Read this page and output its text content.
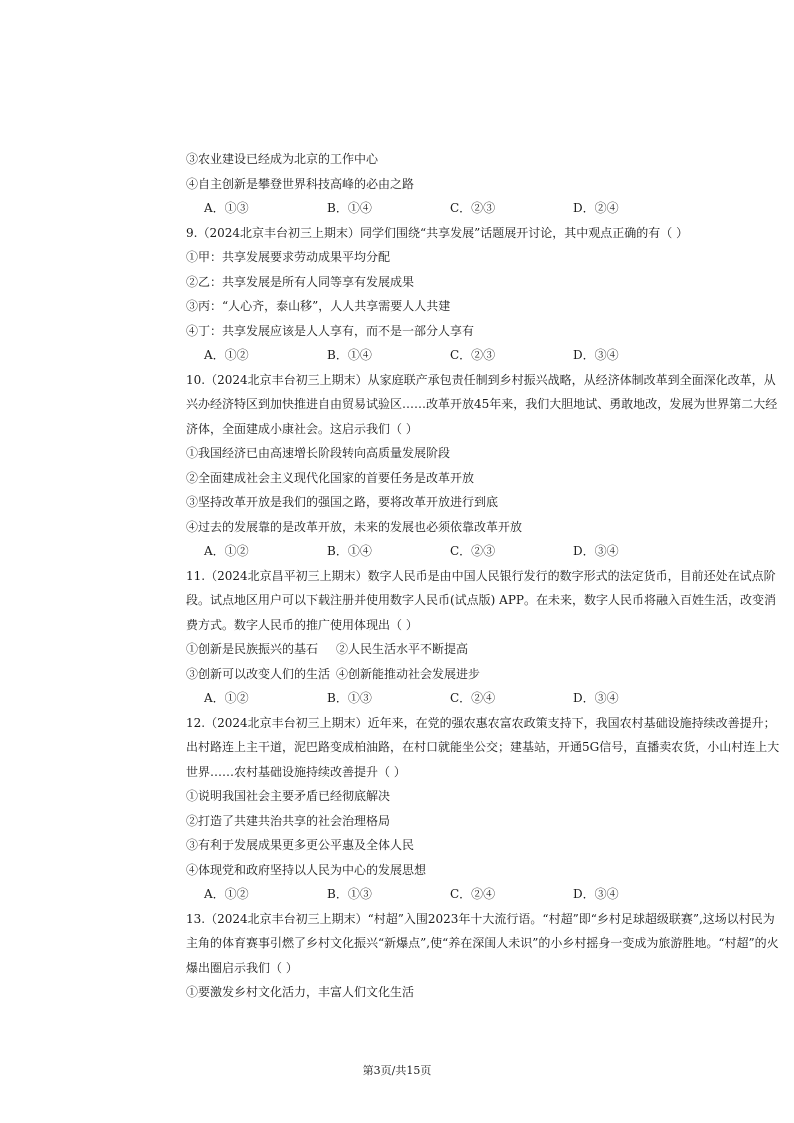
③农业建设已经成为北京的工作中心
④自主创新是攀登世界科技高峰的必由之路
A．①③	B．①④	C．②③	D．②④
9.（2024北京丰台初三上期末）同学们围绕“共享发展”话题展开讨论，其中观点正确的有（ ）
①甲：共享发展要求劳动成果平均分配
②乙：共享发展是所有人同等享有发展成果
③丙：“人心齐，泰山移”，人人共享需要人人共建
④丁：共享发展应该是人人享有，而不是一部分人享有
A．①②	B．①④	C．②③	D．③④
10.（2024北京丰台初三上期末）从家庭联产承包责任制到乡村振兴战略，从经济体制改革到全面深化改革，从兴办经济特区到加快推进自由贸易试验区……改革开放45年来，我们大胆地试、勇敢地改，发展为世界第二大经济体，全面建成小康社会。这启示我们（ ）
①我国经济已由高速增长阶段转向高质量发展阶段
②全面建成社会主义现代化国家的首要任务是改革开放
③坚持改革开放是我们的强国之路，要将改革开放进行到底
④过去的发展靠的是改革开放，未来的发展也必须依靠改革开放
A．①②	B．①④	C．②③	D．③④
11.（2024北京昌平初三上期末）数字人民币是由中国人民银行发行的数字形式的法定货币，目前还处在试点阶段。试点地区用户可以下载注册并使用数字人民币(试点版) APP。在未来，数字人民币将融入百姓生活，改变消费方式。数字人民币的推广使用体现出（ ）
①创新是民族振兴的基石	②人民生活水平不断提高
③创新可以改变人们的生活 ④创新能推动社会发展进步
A．①②	B．①③	C．②④	D．③④
12.（2024北京丰台初三上期末）近年来，在党的强农惠农富农政策支持下，我国农村基础设施持续改善提升；出村路连上主干道，泥巴路变成柏油路，在村口就能坐公交；建基站，开通5G信号，直播卖农货，小山村连上大世界……农村基础设施持续改善提升（ ）
①说明我国社会主要矛盾已经彻底解决
②打造了共建共治共享的社会治理格局
③有利于发展成果更多更公平惠及全体人民
④体现党和政府坚持以人民为中心的发展思想
A．①②	B．①③	C．②④	D．③④
13.（2024北京丰台初三上期末）“村超”入围2023年十大流行语。“村超”即“乡村足球超级联赛”,这场以村民为主角的体育赛事引燃了乡村文化振兴“新爆点”,使“养在深闺人未识”的小乡村摇身一变成为旅游胜地。“村超”的火爆出圈启示我们（ ）
①要激发乡村文化活力，丰富人们文化生活
第3页/共15页
